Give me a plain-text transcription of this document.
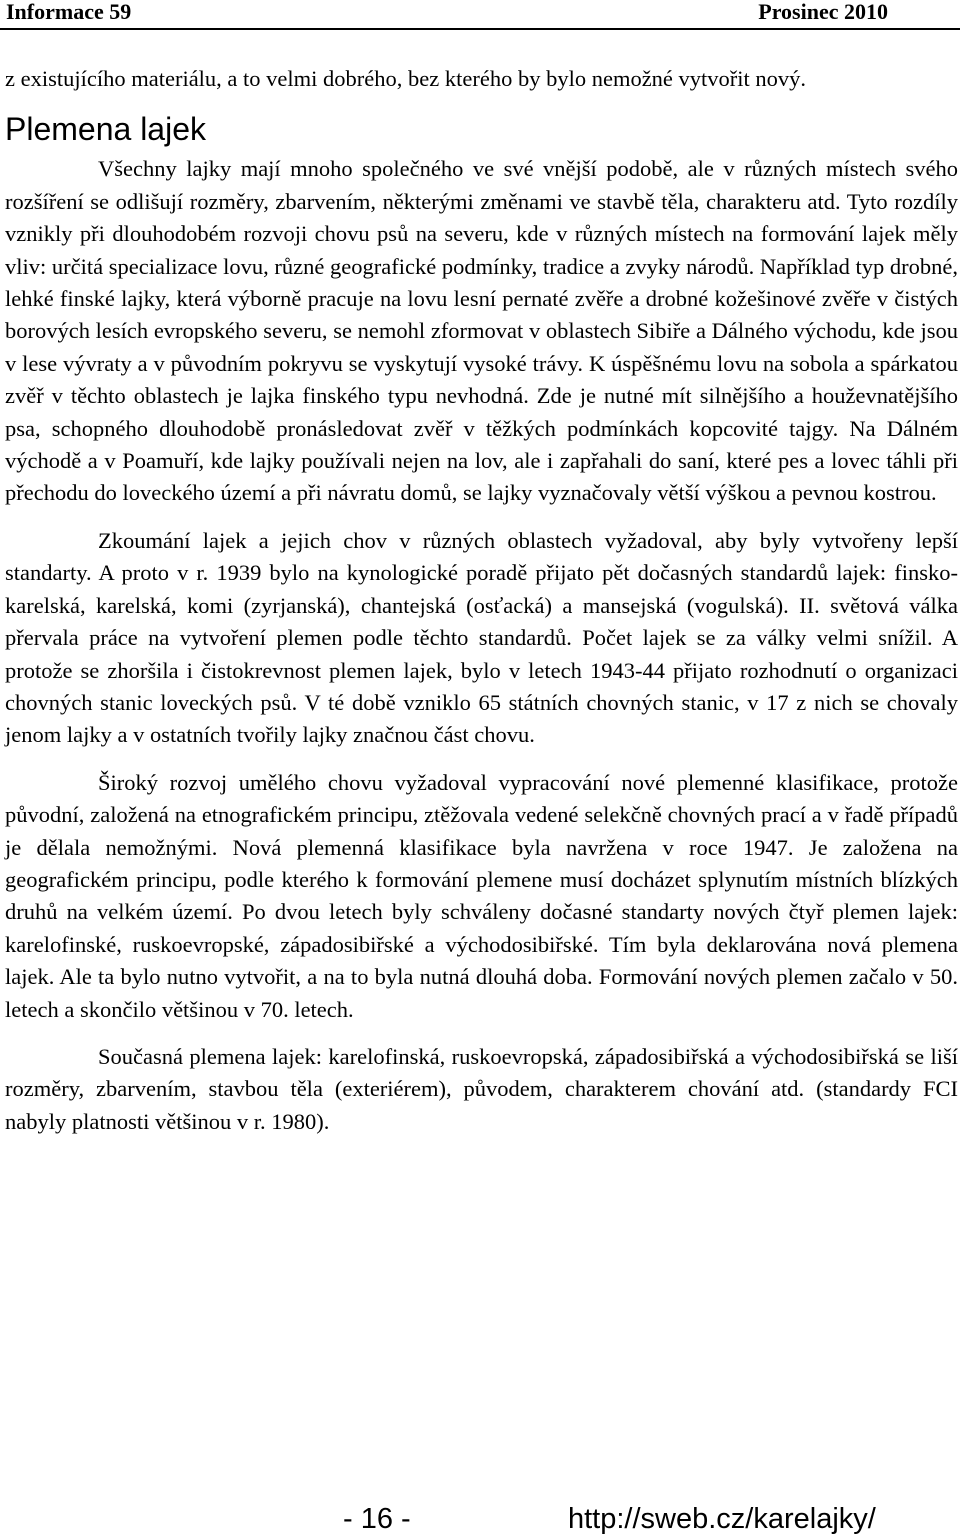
Informace 59	Prosinec 2010

z existujícího materiálu, a to velmi dobrého, bez kterého by bylo nemožné vytvořit nový.

Plemena lajek

Všechny lajky mají mnoho společného ve své vnější podobě, ale v různých místech svého rozšíření se odlišují rozměry, zbarvením, některými změnami ve stavbě těla, charakteru atd. Tyto rozdíly vznikly při dlouhodobém rozvoji chovu psů na severu, kde v různých místech na formování lajek měly vliv: určitá specializace lovu, různé geografické podmínky, tradice a zvyky národů. Například typ drobné, lehké finské lajky, která výborně pracuje na lovu lesní pernaté zvěře a drobné kožešinové zvěře v čistých borových lesích evropského severu, se nemohl zformovat v oblastech Sibiře a Dálného východu, kde jsou v lese vývraty a v původním pokryvu se vyskytují vysoké trávy. K úspěšnému lovu na sobola a spárkatou zvěř v těchto oblastech je lajka finského typu nevhodná. Zde je nutné mít silnějšího a houževnatějšího psa, schopného dlouhodobě pronásledovat zvěř v těžkých podmínkách kopcovité tajgy. Na Dálném východě a v Poamuří, kde lajky používali nejen na lov, ale i zapřahali do saní, které pes a lovec táhli při přechodu do loveckého území a při návratu domů, se lajky vyznačovaly větší výškou a pevnou kostrou.

Zkoumání lajek a jejich chov v různých oblastech vyžadoval, aby byly vytvořeny lepší standarty. A proto v r. 1939 bylo na kynologické poradě přijato pět dočasných standardů lajek: finsko-karelská, karelská, komi (zyrjanská), chantejská (osťacká) a mansejská (vogulská). II. světová válka přervala práce na vytvoření plemen podle těchto standardů. Počet lajek se za války velmi snížil. A protože se zhoršila i čistokrevnost plemen lajek, bylo v letech 1943-44 přijato rozhodnutí o organizaci chovných stanic loveckých psů. V té době vzniklo 65 státních chovných stanic, v 17 z nich se chovaly jenom lajky a v ostatních tvořily lajky značnou část chovu.

Široký rozvoj umělého chovu vyžadoval vypracování nové plemenné klasifikace, protože původní, založená na etnografickém principu, ztěžovala vedené selekčně chovných prací a v řadě případů je dělala nemožnými. Nová plemenná klasifikace byla navržena v roce 1947. Je založena na geografickém principu, podle kterého k formování plemene musí docházet splynutím místních blízkých druhů na velkém území. Po dvou letech byly schváleny dočasné standarty nových čtyř plemen lajek: karelofinské, ruskoevropské, západosibiřské a východosibiřské. Tím byla deklarována nová plemena lajek. Ale ta bylo nutno vytvořit, a na to byla nutná dlouhá doba. Formování nových plemen začalo v 50. letech a skončilo většinou v 70. letech.

Současná plemena lajek: karelofinská, ruskoevropská, západosibiřská a východosibiřská se liší rozměry, zbarvením, stavbou těla (exteriérem), původem, charakterem chování atd. (standardy FCI nabyly platnosti většinou v r. 1980).

- 16 -	http://sweb.cz/karelajky/
